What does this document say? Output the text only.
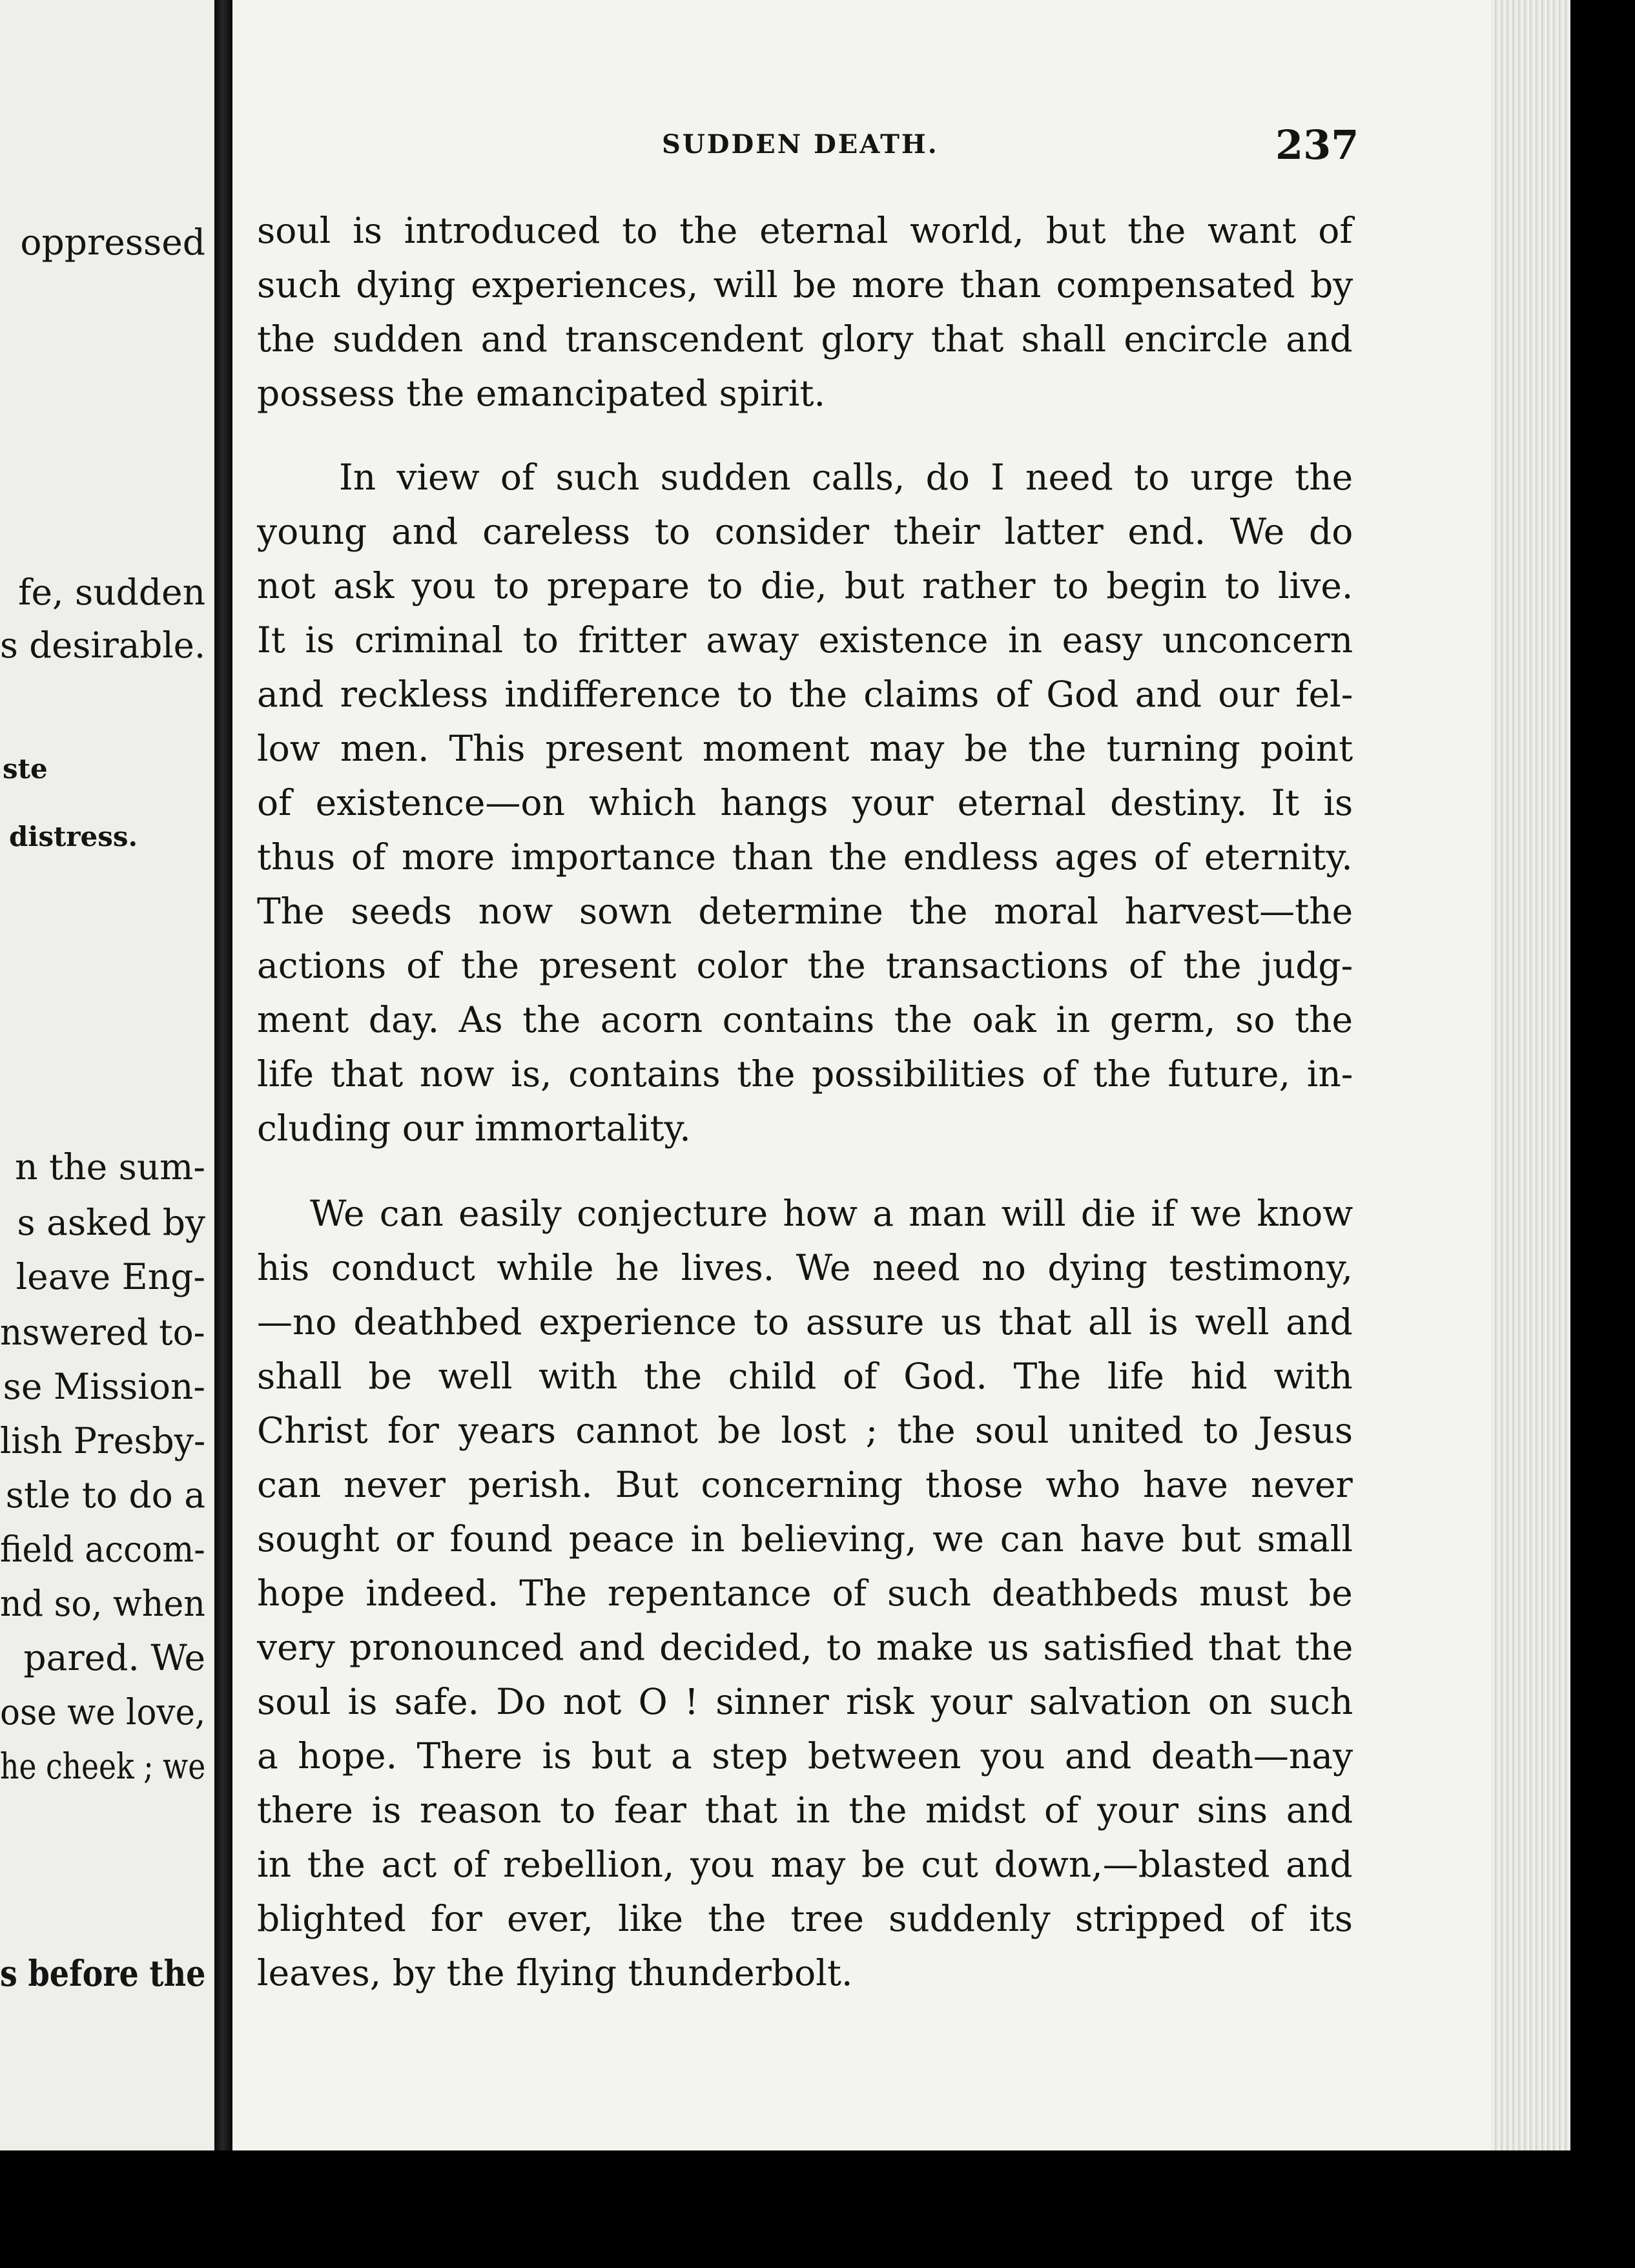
oppressed
fe, sudden
s desirable.
ste
distress.
n the sum-
s asked by
leave Eng-
nswered to-
se Mission-
lish Presby-
stle to do a
field accom-
nd so, when
pared. We
ose we love,
he cheek ; we
s before the
SUDDEN DEATH.	237
soul is introduced to the eternal world, but the want of
such dying experiences, will be more than compensated by
the sudden and transcendent glory that shall encircle and
possess the emancipated spirit.
In view of such sudden calls, do I need to urge the
young and careless to consider their latter end. We do
not ask you to prepare to die, but rather to begin to live.
It is criminal to fritter away existence in easy unconcern
and reckless indifference to the claims of God and our fel-
low men. This present moment may be the turning point
of existence—on which hangs your eternal destiny. It is
thus of more importance than the endless ages of eternity.
The seeds now sown determine the moral harvest—the
actions of the present color the transactions of the judg-
ment day. As the acorn contains the oak in germ, so the
life that now is, contains the possibilities of the future, in-
cluding our immortality.
We can easily conjecture how a man will die if we know
his conduct while he lives. We need no dying testimony,
—no deathbed experience to assure us that all is well and
shall be well with the child of God. The life hid with
Christ for years cannot be lost ; the soul united to Jesus
can never perish. But concerning those who have never
sought or found peace in believing, we can have but small
hope indeed. The repentance of such deathbeds must be
very pronounced and decided, to make us satisfied that the
soul is safe. Do not O ! sinner risk your salvation on such
a hope. There is but a step between you and death—nay
there is reason to fear that in the midst of your sins and
in the act of rebellion, you may be cut down,—blasted and
blighted for ever, like the tree suddenly stripped of its
leaves, by the flying thunderbolt.
